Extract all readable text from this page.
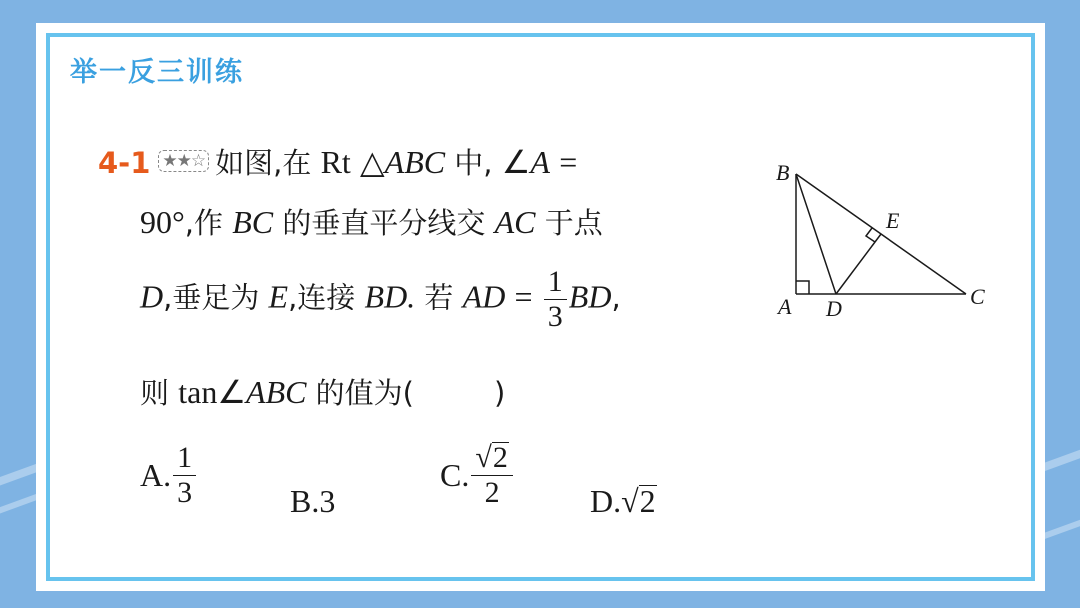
举一反三训练
4-1 ★★☆ 如图,在 Rt △ABC 中, ∠A =
90°,作 BC 的垂直平分线交 AC 于点
D,垂足为 E,连接 BD. 若 AD = $\frac{1}{3}$ BD,
则 tan∠ABC 的值为(	)
A. $\frac{1}{3}$	B.3
C. $\frac{√2}{2} D.√2$
B
E
A D	C
